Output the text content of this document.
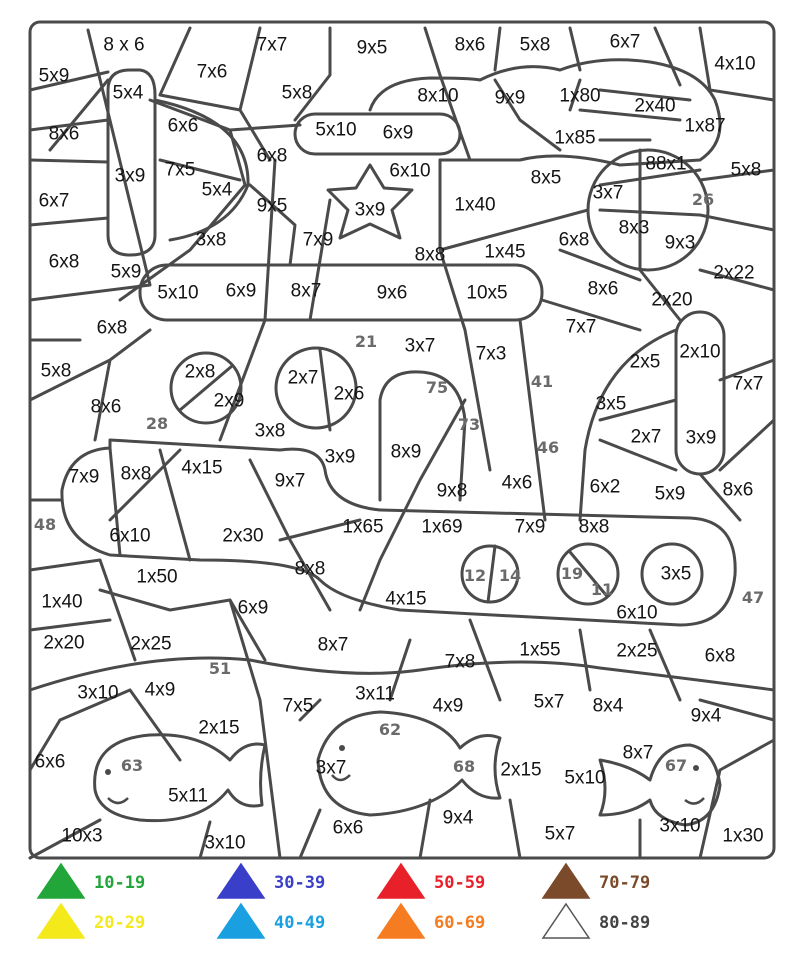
8 x 6	7x7	9x5	8x6 5x8	6x7
4x10
5x9	7x6
5x4	5x8	8x10 9x9 1x80 2x40
8x6	6x6	5x10 6x9	1x85
1x87
3x9 7x5
6x8
6x10	88x1 5x8
6x7
5x4
9x5	3x9	1x40
8x5
3x7
7x9
8x3
3x8	9x3
6x8
8x8 1x45
6x8 5x9	2x22
5x10 6x9 8x7	9x6	10x5	8x6
2x20
6x8	7x7
3x7 7x3	2x10
5x8	2x8	2x7
2x6
2x5
7x7
8x6	2x9	3x5
3x8	2x7 3x9
8x9
4x15
3x9
7x9 8x8	9x7	9x8 4x6	6x2 5x9 8x6
6x10	2x30	1x65 1x69	7x9 8x8
3x5
1x50	8x8
4x15
6x10
1x40	6x9
2x20 2x25	8x7
7x8
1x55	2x25 6x8
3x10 4x9	3x11
4x9	5x7 8x4
7x5
2x15
9x4
6x6	3x7	2x15 5x10
8x7
5x11
9x4
10x3	3x10
6x6	5x7	3x10 1x30
26
21
75	41
28	73
46
48
12 14 19
11	47
51
62
63	68	67
10-19	30-39	50-59	70-79
20-29	40-49	60-69	80-89
